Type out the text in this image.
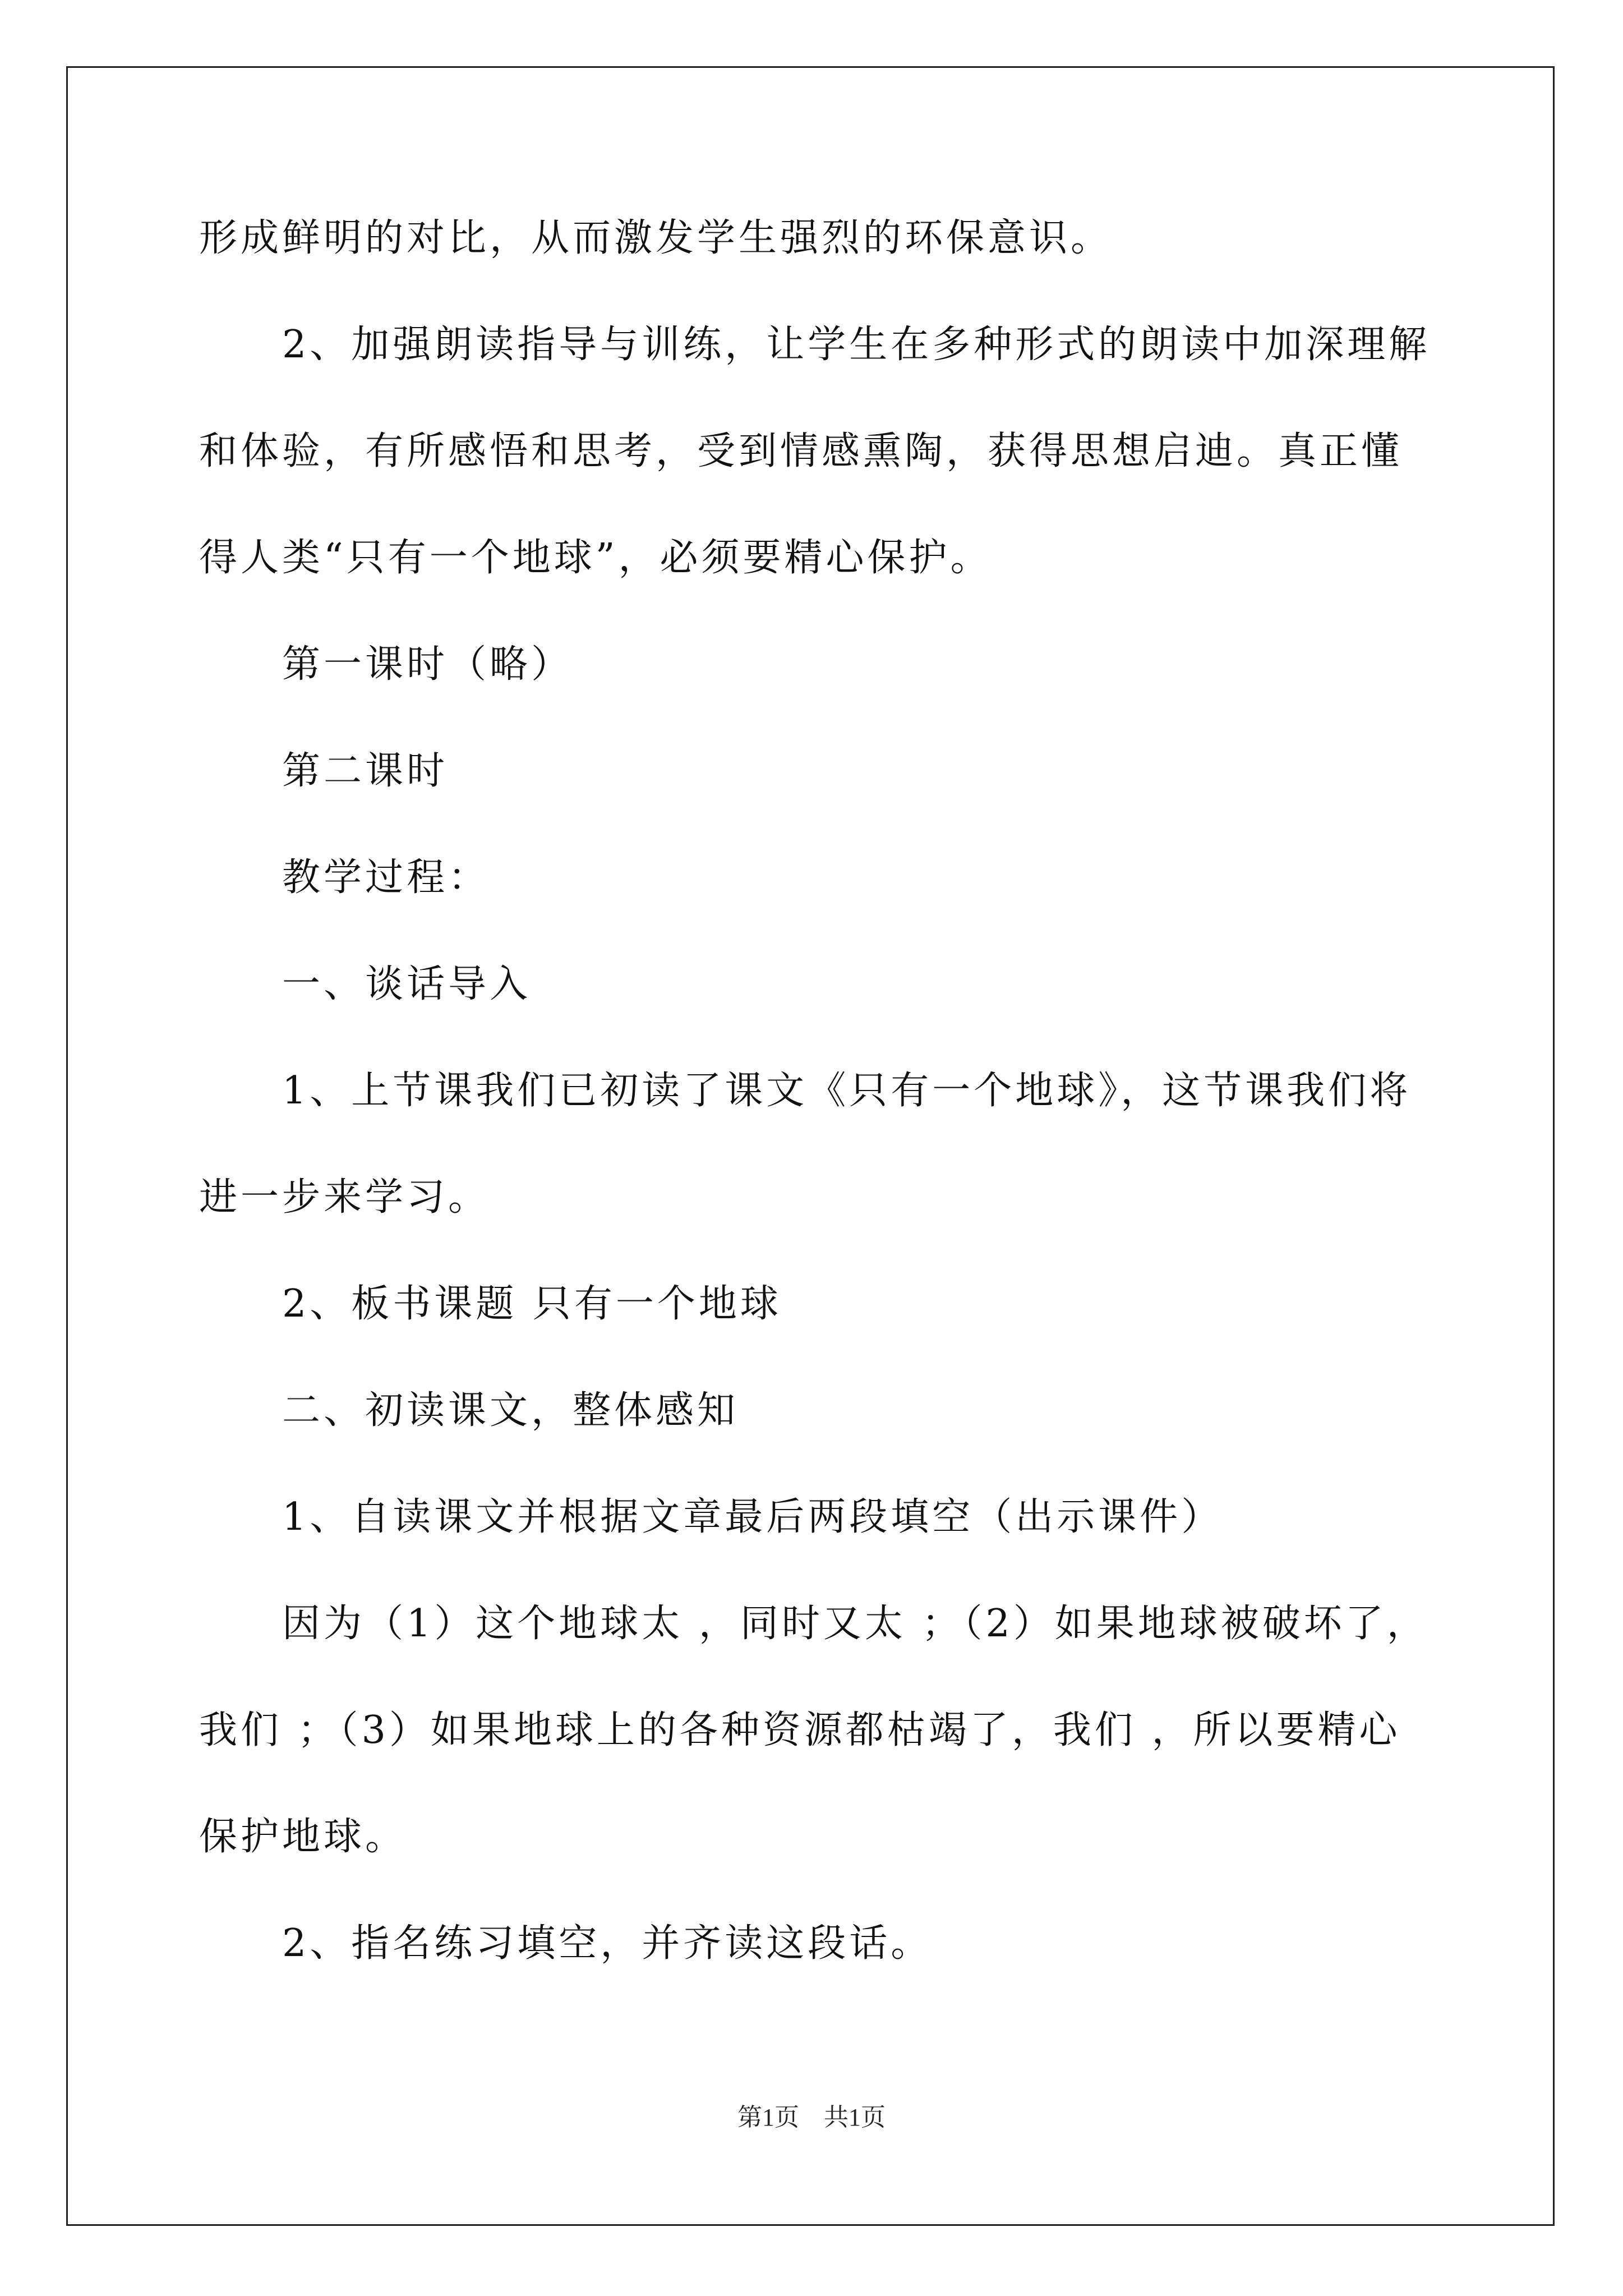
形成鲜明的对比，从而激发学生强烈的环保意识。

2、加强朗读指导与训练，让学生在多种形式的朗读中加深理解和体验，有所感悟和思考，受到情感熏陶，获得思想启迪。真正懂得人类“只有一个地球”，必须要精心保护。

第一课时（略）

第二课时

教学过程：

一、谈话导入

1、上节课我们已初读了课文《只有一个地球》，这节课我们将进一步来学习。

2、板书课题 只有一个地球

二、初读课文，整体感知

1、自读课文并根据文章最后两段填空（出示课件）

因为（1）这个地球太 ，同时又太 ；（2）如果地球被破坏了，我们 ；（3）如果地球上的各种资源都枯竭了，我们 ，所以要精心保护地球。

2、指名练习填空，并齐读这段话。

第1页 共1页
